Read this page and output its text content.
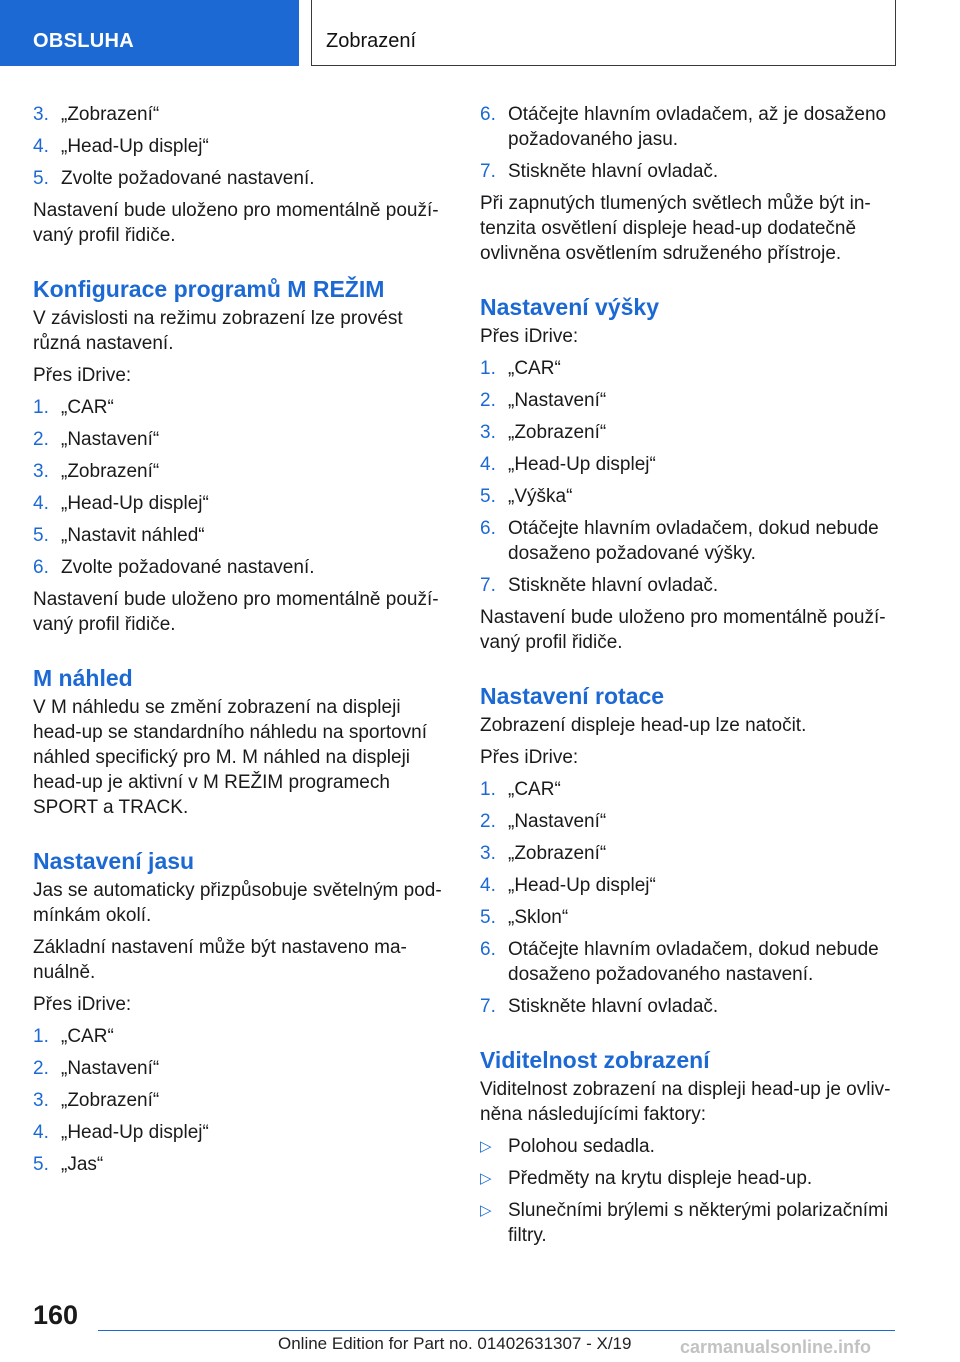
OBSLUHA	Zobrazení
3. „Zobrazení“
4. „Head-Up displej“
5. Zvolte požadované nastavení.

Nastavení bude uloženo pro momentálně použí-vaný profil řidiče.

Konfigurace programů M REŽIM

V závislosti na režimu zobrazení lze provést různá nastavení.

Přes iDrive:

1. „CAR“
2. „Nastavení“
3. „Zobrazení“
4. „Head-Up displej“
5. „Nastavit náhled“
6. Zvolte požadované nastavení.

Nastavení bude uloženo pro momentálně použí-vaný profil řidiče.

M náhled

V M náhledu se změní zobrazení na displeji head-up se standardního náhledu na sportovní náhled specifický pro M. M náhled na displeji head-up je aktivní v M REŽIM programech SPORT a TRACK.

Nastavení jasu

Jas se automaticky přizpůsobuje světelným pod-mínkám okolí.

Základní nastavení může být nastaveno ma-nuálně.

Přes iDrive:

1. „CAR“
2. „Nastavení“
3. „Zobrazení“
4. „Head-Up displej“
5. „Jas“
6. Otáčejte hlavním ovladačem, až je dosaženo požadovaného jasu.
7. Stiskněte hlavní ovladač.

Při zapnutých tlumených světlech může být in-tenzita osvětlení displeje head-up dodatečně ovlivněna osvětlením sdruženého přístroje.

Nastavení výšky

Přes iDrive:

1. „CAR“
2. „Nastavení“
3. „Zobrazení“
4. „Head-Up displej“
5. „Výška“
6. Otáčejte hlavním ovladačem, dokud nebude dosaženo požadované výšky.
7. Stiskněte hlavní ovladač.

Nastavení bude uloženo pro momentálně použí-vaný profil řidiče.

Nastavení rotace

Zobrazení displeje head-up lze natočit.

Přes iDrive:

1. „CAR“
2. „Nastavení“
3. „Zobrazení“
4. „Head-Up displej“
5. „Sklon“
6. Otáčejte hlavním ovladačem, dokud nebude dosaženo požadovaného nastavení.
7. Stiskněte hlavní ovladač.
Viditelnost zobrazení

Viditelnost zobrazení na displeji head-up je ovliv-něna následujícími faktory:

▷ Polohou sedadla.
▷ Předměty na krytu displeje head-up.
▷ Slunečními brýlemi s některými polarizačními filtry.
160
Online Edition for Part no. 01402631307 - X/19	carmanualsonline.info
